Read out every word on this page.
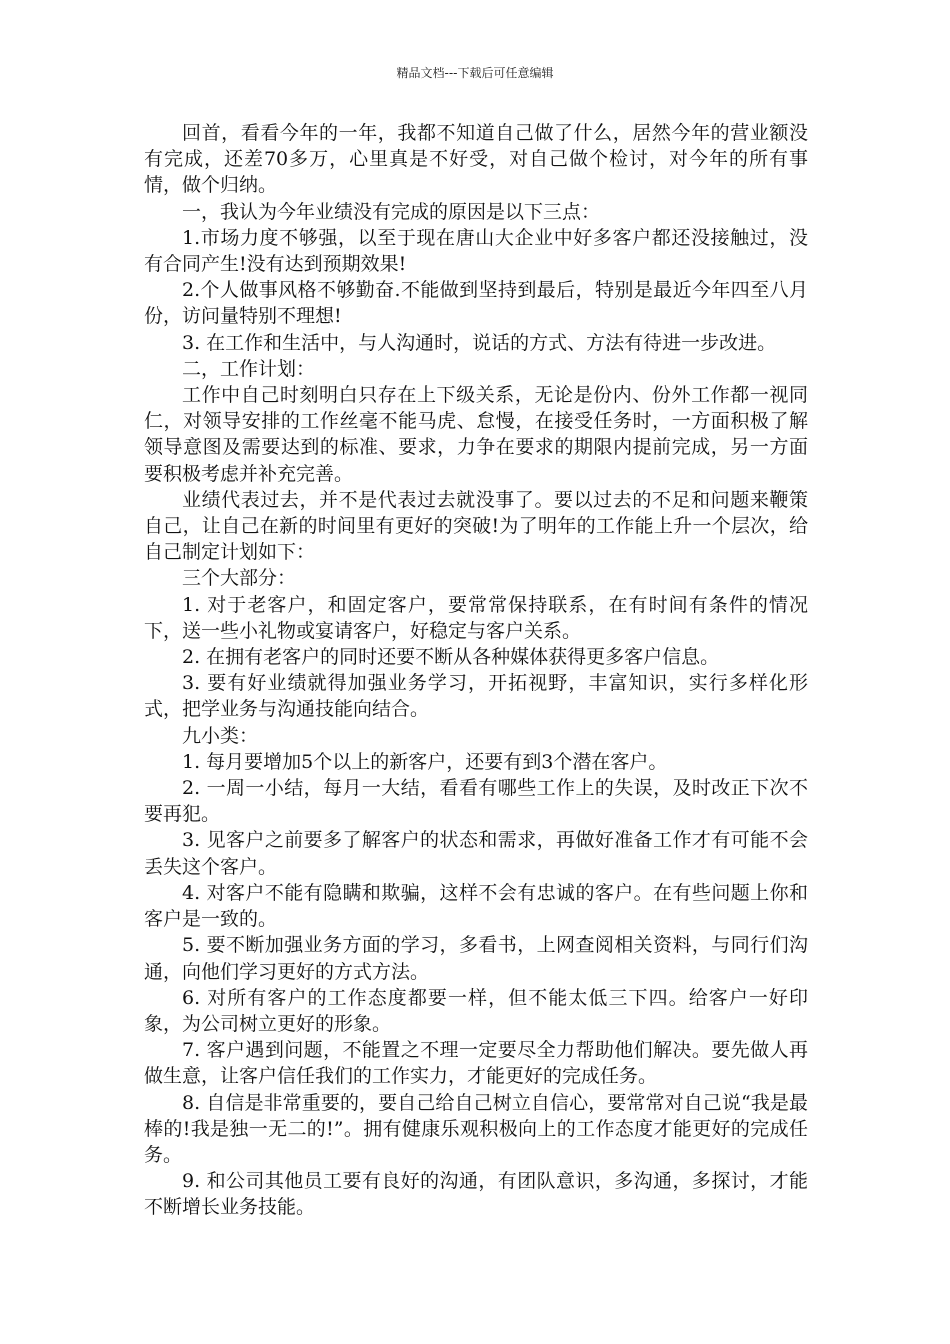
精品文档---下载后可任意编辑

回首，看看今年的一年，我都不知道自己做了什么，居然今年的营业额没有完成，还差70多万，心里真是不好受，对自己做个检讨，对今年的所有事情，做个归纳。

一，我认为今年业绩没有完成的原因是以下三点：

1.市场力度不够强，以至于现在唐山大企业中好多客户都还没接触过，没有合同产生!没有达到预期效果!

2.个人做事风格不够勤奋.不能做到坚持到最后，特别是最近今年四至八月份，访问量特别不理想!

3. 在工作和生活中，与人沟通时，说话的方式、方法有待进一步改进。

二，工作计划：

工作中自己时刻明白只存在上下级关系，无论是份内、份外工作都一视同仁，对领导安排的工作丝毫不能马虎、怠慢，在接受任务时，一方面积极了解领导意图及需要达到的标准、要求，力争在要求的期限内提前完成，另一方面要积极考虑并补充完善。

业绩代表过去，并不是代表过去就没事了。要以过去的不足和问题来鞭策自己，让自己在新的时间里有更好的突破!为了明年的工作能上升一个层次，给自己制定计划如下：

三个大部分：

1. 对于老客户，和固定客户，要常常保持联系，在有时间有条件的情况下，送一些小礼物或宴请客户，好稳定与客户关系。

2. 在拥有老客户的同时还要不断从各种媒体获得更多客户信息。

3. 要有好业绩就得加强业务学习，开拓视野，丰富知识，实行多样化形式，把学业务与沟通技能向结合。

九小类：

1. 每月要增加5个以上的新客户，还要有到3个潜在客户。

2. 一周一小结，每月一大结，看看有哪些工作上的失误，及时改正下次不要再犯。

3. 见客户之前要多了解客户的状态和需求，再做好准备工作才有可能不会丢失这个客户。

4. 对客户不能有隐瞒和欺骗，这样不会有忠诚的客户。在有些问题上你和客户是一致的。

5. 要不断加强业务方面的学习，多看书，上网查阅相关资料，与同行们沟通，向他们学习更好的方式方法。

6. 对所有客户的工作态度都要一样，但不能太低三下四。给客户一好印象，为公司树立更好的形象。

7. 客户遇到问题，不能置之不理一定要尽全力帮助他们解决。要先做人再做生意，让客户信任我们的工作实力，才能更好的完成任务。

8. 自信是非常重要的，要自己给自己树立自信心，要常常对自己说“我是最棒的!我是独一无二的!”。拥有健康乐观积极向上的工作态度才能更好的完成任务。

9. 和公司其他员工要有良好的沟通，有团队意识，多沟通，多探讨，才能不断增长业务技能。
